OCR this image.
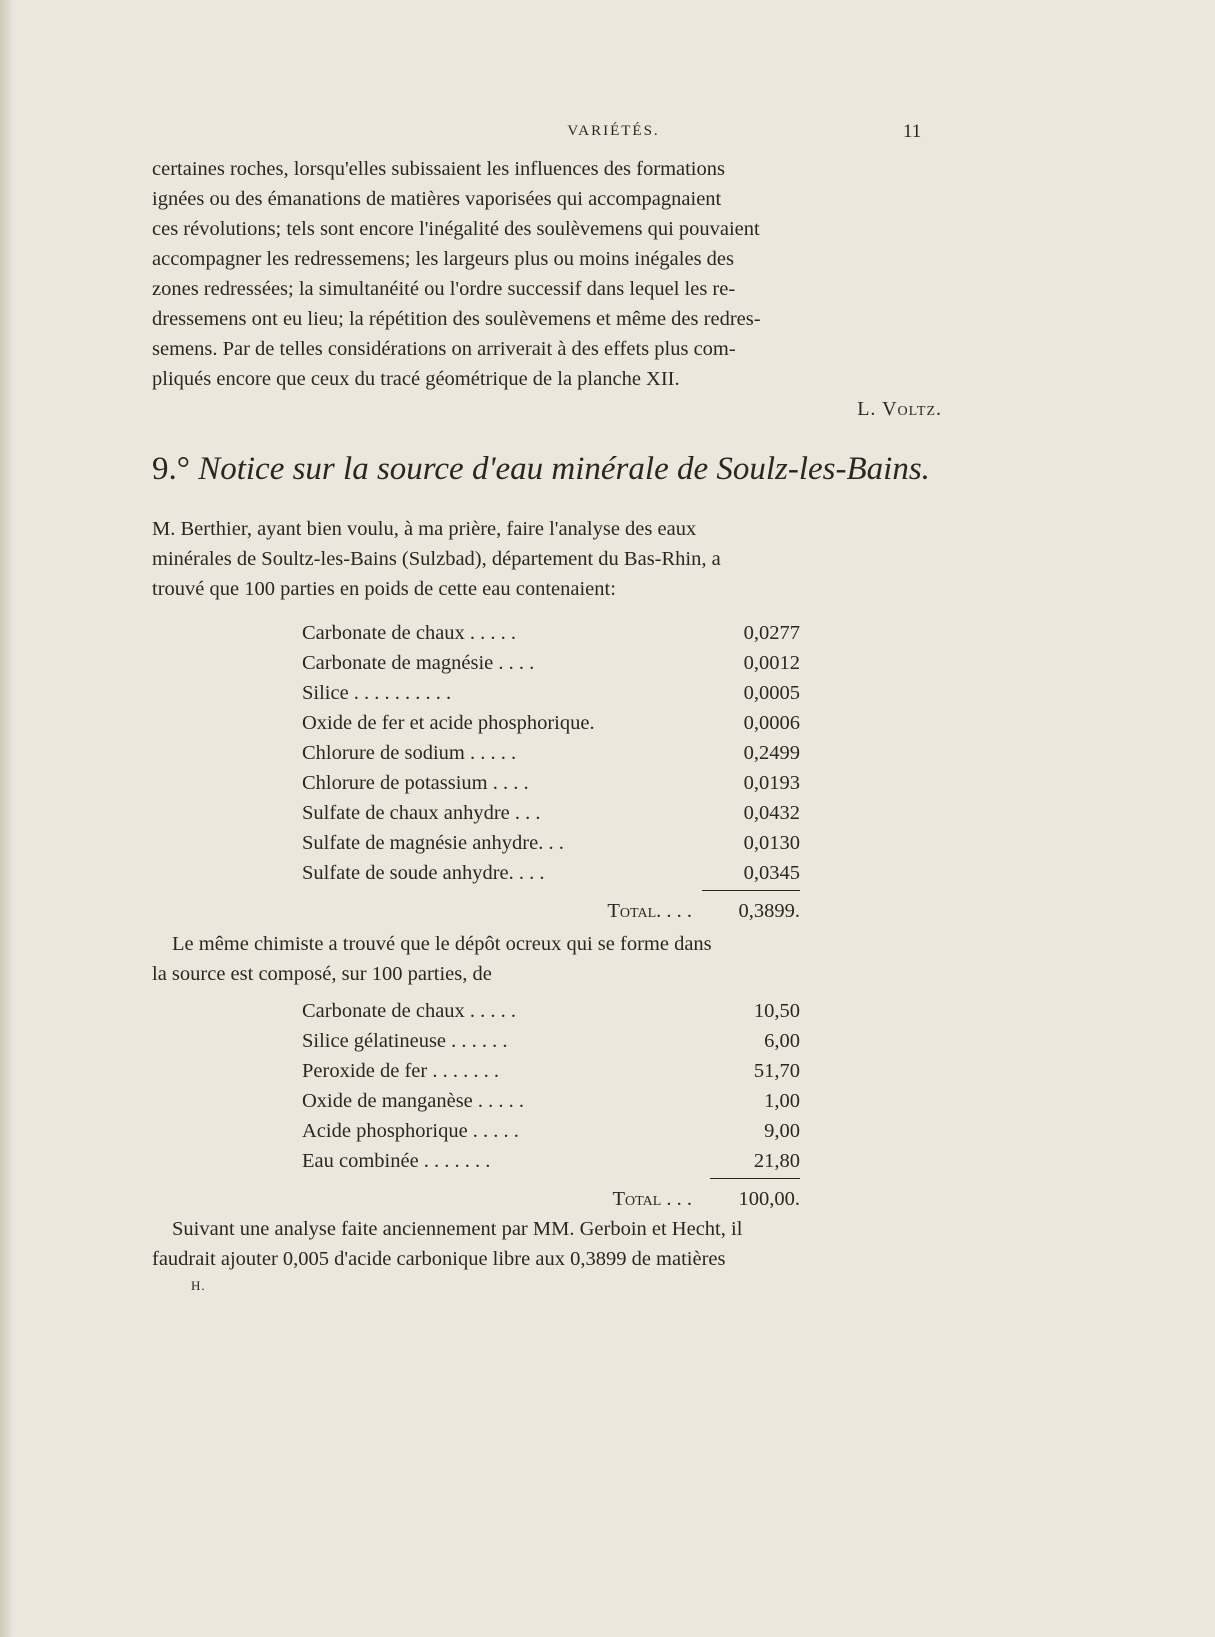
VARIÉTÉS.	11

certaines roches, lorsqu'elles subissaient les influences des formations
ignées ou des émanations de matières vaporisées qui accompagnaient
ces révolutions; tels sont encore l'inégalité des soulèvemens qui pouvaient
accompagner les redressemens; les largeurs plus ou moins inégales des
zones redressées; la simultanéité ou l'ordre successif dans lequel les re-
dressemens ont eu lieu; la répétition des soulèvemens et même des redres-
semens. Par de telles considérations on arriverait à des effets plus com-
pliqués encore que ceux du tracé géométrique de la planche XII.

L. Voltz.
9.° Notice sur la source d'eau minérale de Soulz-les-Bains.

M. Berthier, ayant bien voulu, à ma prière, faire l'analyse des eaux
minérales de Soultz-les-Bains (Sulzbad), département du Bas-Rhin, a
trouvé que 100 parties en poids de cette eau contenaient:

Carbonate de chaux . . . . .	0,0277
Carbonate de magnésie . . . .	0,0012
Silice . . . . . . . . . .	0,0005
Oxide de fer et acide phosphorique.	0,0006
Chlorure de sodium . . . . .	0,2499
Chlorure de potassium . . . .	0,0193
Sulfate de chaux anhydre . . .	0,0432
Sulfate de magnésie anhydre. . .	0,0130
Sulfate de soude anhydre. . . .	0,0345
Total. . . . 0,3899.

Le même chimiste a trouvé que le dépôt ocreux qui se forme dans
la source est composé, sur 100 parties, de

Carbonate de chaux . . . . .	10,50
Silice gélatineuse . . . . . .	6,00
Peroxide de fer . . . . . . .	51,70
Oxide de manganèse . . . . .	1,00
Acide phosphorique . . . . .	9,00
Eau combinée . . . . . . .	21,80
Total . . . 100,00.

Suivant une analyse faite anciennement par MM. Gerboin et Hecht, il
faudrait ajouter 0,005 d'acide carbonique libre aux 0,3899 de matières

H.
